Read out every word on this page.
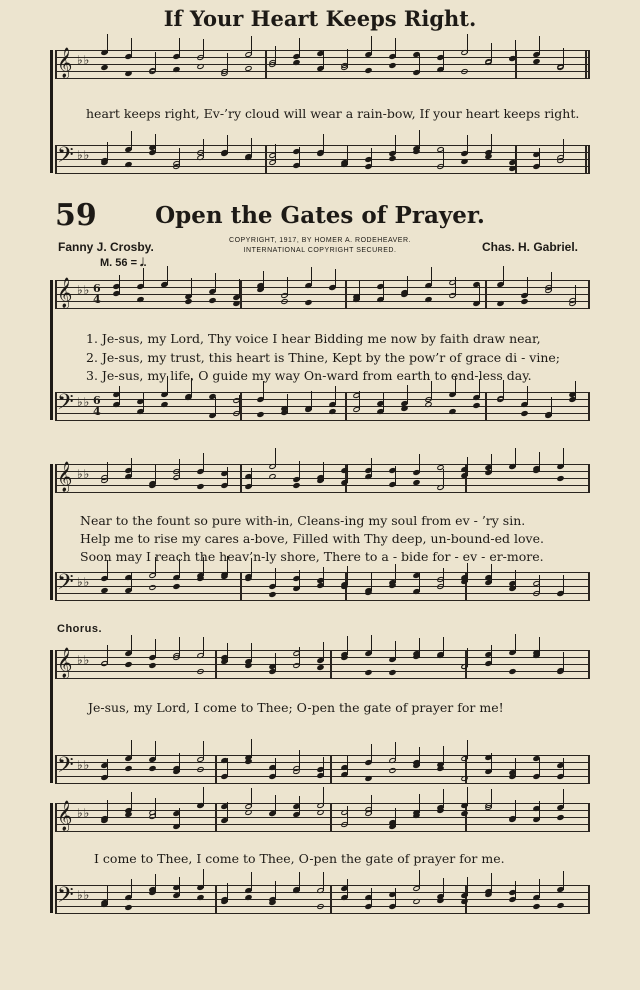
If Your Heart Keeps Right.
𝄞 ♭♭
𝄢 ♭♭
𝄞 ♭♭ 6
4
𝄢 ♭♭ 6
4
𝄞 ♭♭
𝄢 ♭♭
𝄞 ♭♭
𝄢 ♭♭
𝄞 ♭♭
𝄢 ♭♭
heart keeps right, Ev-’ry cloud will wear a rain-bow, If your heart keeps right.
59	Open the Gates of Prayer.
Fanny J. Crosby.	COPYRIGHT, 1917, BY HOMER A. RODEHEAVER.
INTERNATIONAL COPYRIGHT SECURED.	Chas. H. Gabriel.
M. 56 = 𝅗𝅥.
1. Je-sus, my Lord, Thy voice I hear Bidding me now by faith draw near,
2. Je-sus, my trust, this heart is Thine, Kept by the pow’r of grace di - vine;
3. Je-sus, my life, O guide my way On-ward from earth to end-less day.
Near to the fount so pure with-in, Cleans-ing my soul from ev - ’ry sin.
Help me to rise my cares a-bove, Filled with Thy deep, un-bound-ed love.
Soon may I reach the heav’n-ly shore, There to a - bide for - ev - er-more.
Chorus.
Je-sus, my Lord, I come to Thee; O-pen the gate of prayer for me!
I come to Thee, I come to Thee, O-pen the gate of prayer for me.
